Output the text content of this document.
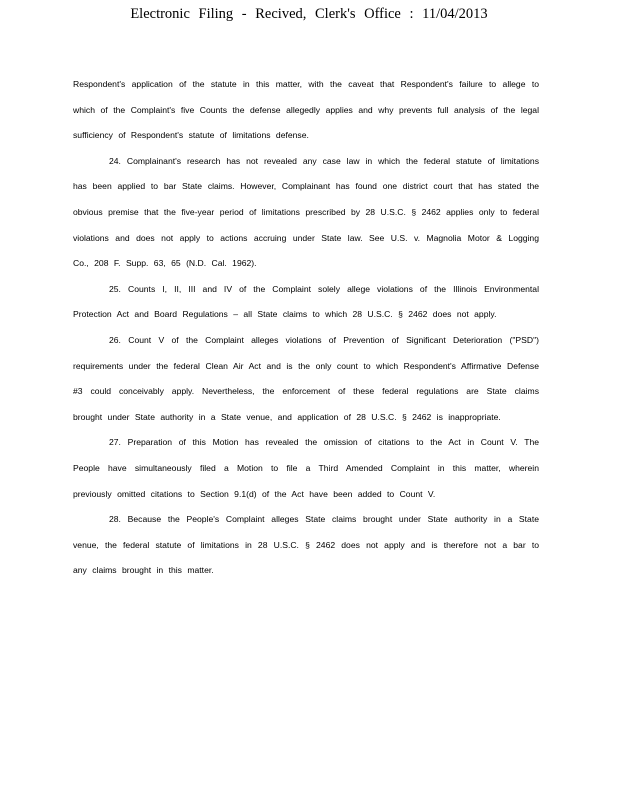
Electronic Filing - Recived, Clerk's Office : 11/04/2013

Respondent's application of the statute in this matter, with the caveat that Respondent's failure to allege to which of the Complaint's five Counts the defense allegedly applies and why prevents full analysis of the legal sufficiency of Respondent's statute of limitations defense.

24. Complainant's research has not revealed any case law in which the federal statute of limitations has been applied to bar State claims. However, Complainant has found one district court that has stated the obvious premise that the five-year period of limitations prescribed by 28 U.S.C. § 2462 applies only to federal violations and does not apply to actions accruing under State law. See U.S. v. Magnolia Motor & Logging Co., 208 F. Supp. 63, 65 (N.D. Cal. 1962).

25. Counts I, II, III and IV of the Complaint solely allege violations of the Illinois Environmental Protection Act and Board Regulations – all State claims to which 28 U.S.C. § 2462 does not apply.

26. Count V of the Complaint alleges violations of Prevention of Significant Deterioration ("PSD") requirements under the federal Clean Air Act and is the only count to which Respondent's Affirmative Defense #3 could conceivably apply. Nevertheless, the enforcement of these federal regulations are State claims brought under State authority in a State venue, and application of 28 U.S.C. § 2462 is inappropriate.

27. Preparation of this Motion has revealed the omission of citations to the Act in Count V. The People have simultaneously filed a Motion to file a Third Amended Complaint in this matter, wherein previously omitted citations to Section 9.1(d) of the Act have been added to Count V.

28. Because the People's Complaint alleges State claims brought under State authority in a State venue, the federal statute of limitations in 28 U.S.C. § 2462 does not apply and is therefore not a bar to any claims brought in this matter.
